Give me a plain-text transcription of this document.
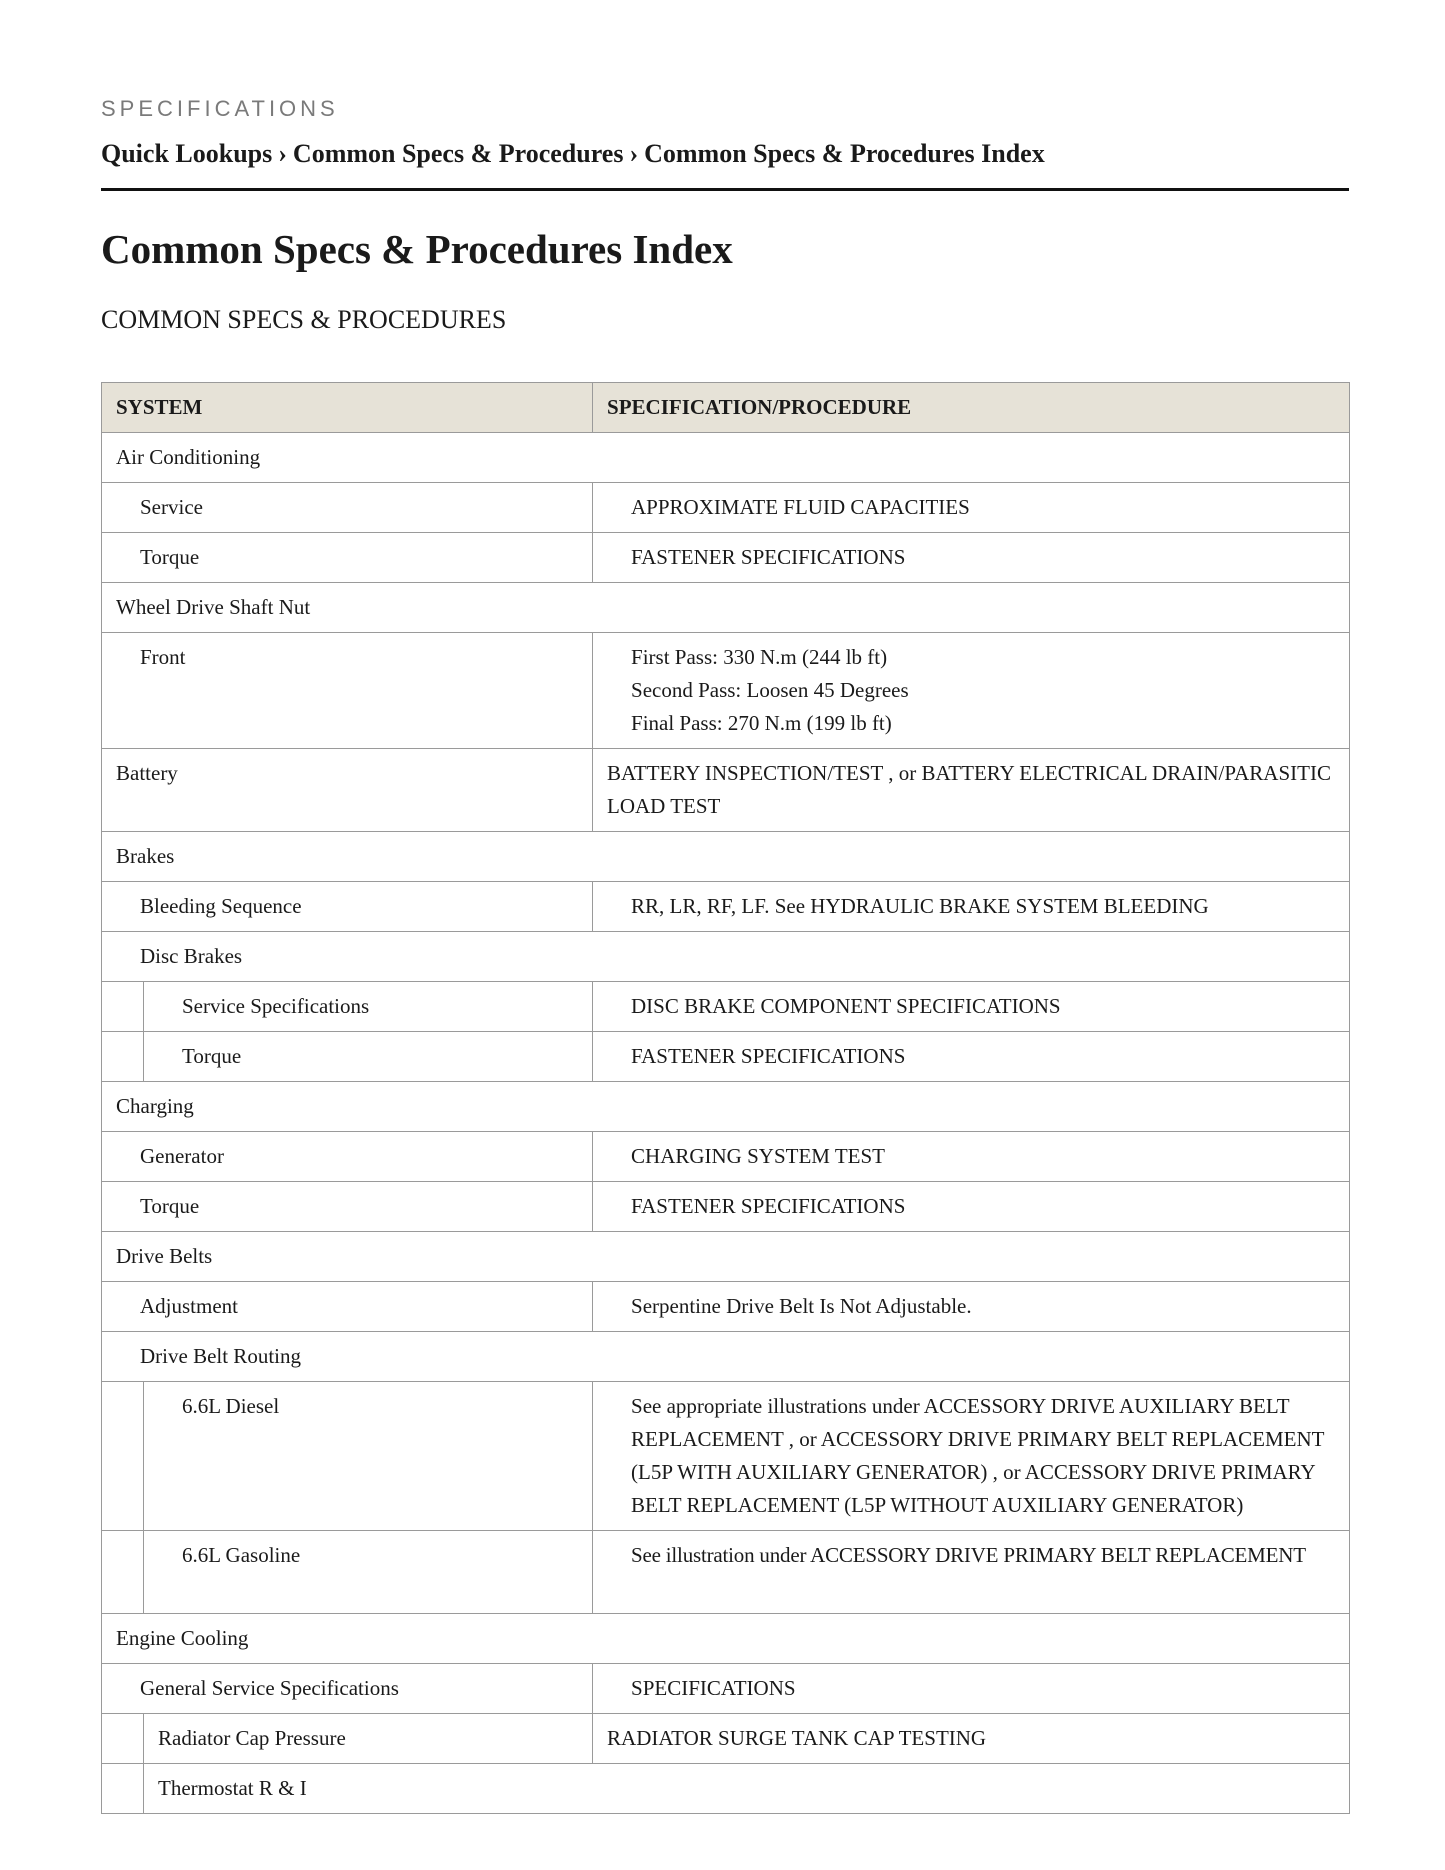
SPECIFICATIONS
Quick Lookups › Common Specs & Procedures › Common Specs & Procedures Index
Common Specs & Procedures Index
COMMON SPECS & PROCEDURES
SYSTEM		SPECIFICATION/PROCEDURE
Air Conditioning		
Service		APPROXIMATE FLUID CAPACITIES
Torque		FASTENER SPECIFICATIONS
Wheel Drive Shaft Nut		
Front		First Pass: 330 N.m (244 lb ft)
Second Pass: Loosen 45 Degrees
Final Pass: 270 N.m (199 lb ft)

Battery		BATTERY INSPECTION/TEST , or BATTERY ELECTRICAL DRAIN/PARASITIC LOAD TEST
Brakes		
Bleeding Sequence		RR, LR, RF, LF. See HYDRAULIC BRAKE SYSTEM BLEEDING
Disc Brakes		
	Service Specifications	DISC BRAKE COMPONENT SPECIFICATIONS
	Torque	FASTENER SPECIFICATIONS
Charging		
Generator		CHARGING SYSTEM TEST
Torque		FASTENER SPECIFICATIONS
Drive Belts		
Adjustment		Serpentine Drive Belt Is Not Adjustable.
Drive Belt Routing		
	6.6L Diesel	See appropriate illustrations under ACCESSORY DRIVE AUXILIARY BELT REPLACEMENT , or ACCESSORY DRIVE PRIMARY BELT REPLACEMENT (L5P WITH AUXILIARY GENERATOR) , or ACCESSORY DRIVE PRIMARY BELT REPLACEMENT (L5P WITHOUT AUXILIARY GENERATOR)
	6.6L Gasoline	See illustration under ACCESSORY DRIVE PRIMARY BELT REPLACEMENT
Engine Cooling		
General Service Specifications		SPECIFICATIONS
	Radiator Cap Pressure	RADIATOR SURGE TANK CAP TESTING
	Thermostat R & I	
